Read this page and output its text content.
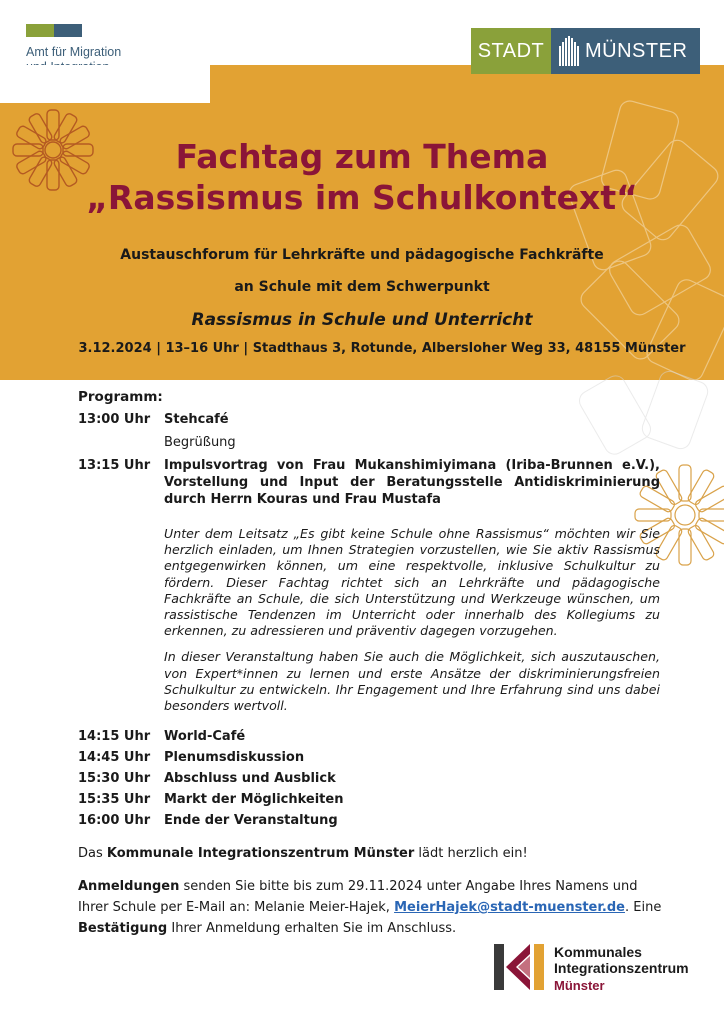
Amt für Migration	STADT	MÜNSTER
Fachtag zum Thema
„Rassismus im Schulkontext“
Austauschforum für Lehrkräfte und pädagogische Fachkräfte
an Schule mit dem Schwerpunkt
Rassismus in Schule und Unterricht
3.12.2024 | 13–16 Uhr | Stadthaus 3, Rotunde, Albersloher Weg 33, 48155 Münster
Programm:
13:00 Uhr	Stehcafé
Begrüßung
13:15 Uhr	Impulsvortrag von Frau Mukanshimiyimana (Iriba-Brunnen e.V.), Vorstellung und Input der Beratungsstelle Antidiskriminierung durch Herrn Kouras und Frau Mustafa
Unter dem Leitsatz „Es gibt keine Schule ohne Rassismus“ möchten wir Sie herzlich einladen, um Ihnen Strategien vorzustellen, wie Sie aktiv Rassismus entgegenwirken können, um eine respektvolle, inklusive Schulkultur zu fördern. Dieser Fachtag richtet sich an Lehrkräfte und pädagogische Fachkräfte an Schule, die sich Unterstützung und Werkzeuge wünschen, um rassistische Tendenzen im Unterricht oder innerhalb des Kollegiums zu erkennen, zu adressieren und präventiv dagegen vorzugehen.
In dieser Veranstaltung haben Sie auch die Möglichkeit, sich auszutauschen, von Expert*innen zu lernen und erste Ansätze der diskriminierungsfreien Schulkultur zu entwickeln. Ihr Engagement und Ihre Erfahrung sind uns dabei besonders wertvoll.
14:15 Uhr	World-Café
14:45 Uhr	Plenumsdiskussion
15:30 Uhr	Abschluss und Ausblick
15:35 Uhr	Markt der Möglichkeiten
16:00 Uhr	Ende der Veranstaltung
Das Kommunale Integrationszentrum Münster lädt herzlich ein!
Anmeldungen senden Sie bitte bis zum 29.11.2024 unter Angabe Ihres Namens und Ihrer Schule per E-Mail an: Melanie Meier-Hajek, MeierHajek@stadt-muenster.de. Eine Bestätigung Ihrer Anmeldung erhalten Sie im Anschluss.
Kommunales
Integrationszentrum
Münster
